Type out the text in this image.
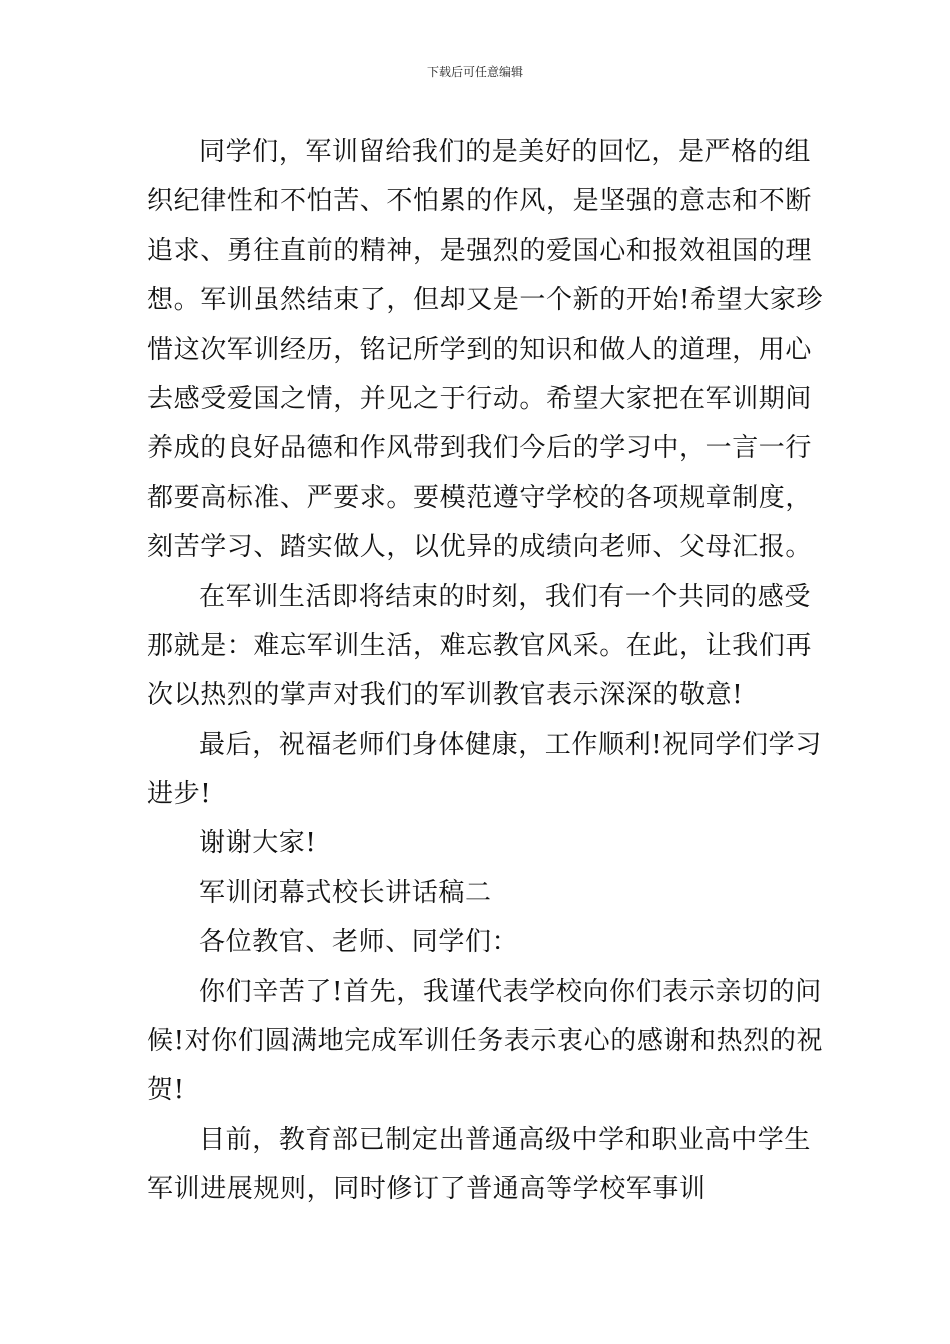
下载后可任意编辑
同学们，军训留给我们的是美好的回忆，是严格的组
织纪律性和不怕苦、不怕累的作风，是坚强的意志和不断
追求、勇往直前的精神，是强烈的爱国心和报效祖国的理
想。军训虽然结束了，但却又是一个新的开始!希望大家珍
惜这次军训经历，铭记所学到的知识和做人的道理，用心
去感受爱国之情，并见之于行动。希望大家把在军训期间
养成的良好品德和作风带到我们今后的学习中，一言一行
都要高标准、严要求。要模范遵守学校的各项规章制度，
刻苦学习、踏实做人，以优异的成绩向老师、父母汇报。
在军训生活即将结束的时刻，我们有一个共同的感受
那就是：难忘军训生活，难忘教官风采。在此，让我们再
次以热烈的掌声对我们的军训教官表示深深的敬意!
最后，祝福老师们身体健康，工作顺利!祝同学们学习
进步!
谢谢大家!
军训闭幕式校长讲话稿二
各位教官、老师、同学们：
你们辛苦了!首先，我谨代表学校向你们表示亲切的问
候!对你们圆满地完成军训任务表示衷心的感谢和热烈的祝
贺!
目前，教育部已制定出普通高级中学和职业高中学生
军训进展规则，同时修订了普通高等学校军事训
